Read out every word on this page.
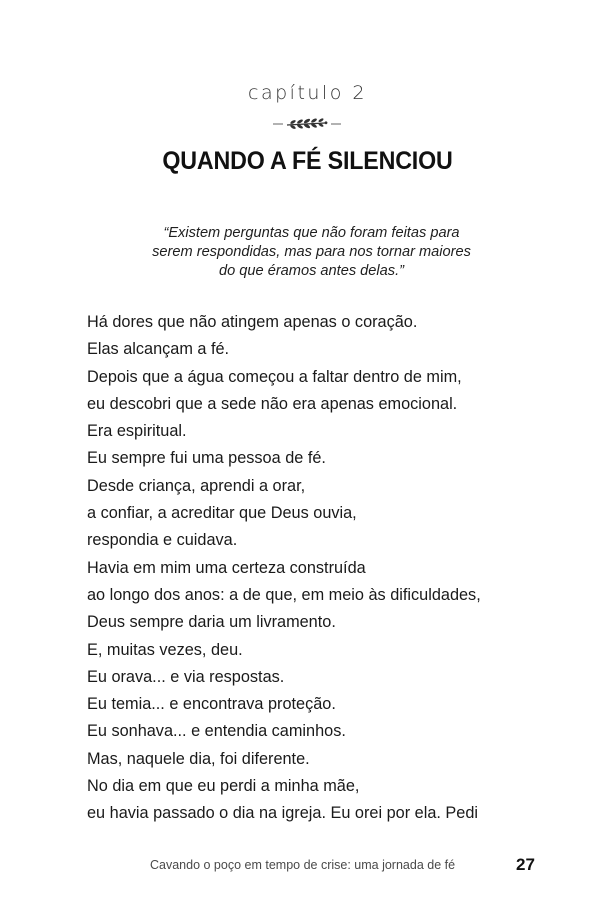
capítulo 2
QUANDO A FÉ SILENCIOU
“Existem perguntas que não foram feitas para
serem respondidas, mas para nos tornar maiores
do que éramos antes delas.”
Há dores que não atingem apenas o coração.
Elas alcançam a fé.
Depois que a água começou a faltar dentro de mim,
eu descobri que a sede não era apenas emocional.
Era espiritual.
Eu sempre fui uma pessoa de fé.
Desde criança, aprendi a orar,
a confiar, a acreditar que Deus ouvia,
respondia e cuidava.
Havia em mim uma certeza construída
ao longo dos anos: a de que, em meio às dificuldades,
Deus sempre daria um livramento.
E, muitas vezes, deu.
Eu orava... e via respostas.
Eu temia... e encontrava proteção.
Eu sonhava... e entendia caminhos.
Mas, naquele dia, foi diferente.
No dia em que eu perdi a minha mãe,
eu havia passado o dia na igreja. Eu orei por ela. Pedi
Cavando o poço em tempo de crise: uma jornada de fé	27
